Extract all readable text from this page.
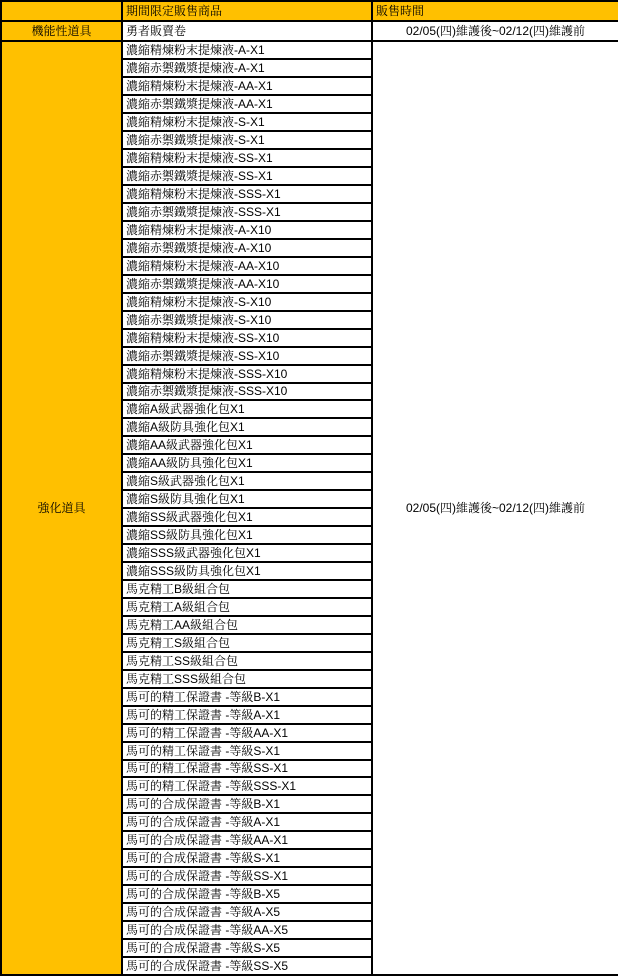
	期間限定販售商品	販售時間
機能性道具	勇者販賣卷	02/05(四)維護後~02/12(四)維護前
強化道具	濃縮精煉粉末提煉液-A-X1	02/05(四)維護後~02/12(四)維護前
	濃縮赤禦鐵漿提煉液-A-X1	
	濃縮精煉粉末提煉液-AA-X1	
	濃縮赤禦鐵漿提煉液-AA-X1	
	濃縮精煉粉末提煉液-S-X1	
	濃縮赤禦鐵漿提煉液-S-X1	
	濃縮精煉粉末提煉液-SS-X1	
	濃縮赤禦鐵漿提煉液-SS-X1	
	濃縮精煉粉末提煉液-SSS-X1	
	濃縮赤禦鐵漿提煉液-SSS-X1	
	濃縮精煉粉末提煉液-A-X10	
	濃縮赤禦鐵漿提煉液-A-X10	
	濃縮精煉粉末提煉液-AA-X10	
	濃縮赤禦鐵漿提煉液-AA-X10	
	濃縮精煉粉末提煉液-S-X10	
	濃縮赤禦鐵漿提煉液-S-X10	
	濃縮精煉粉末提煉液-SS-X10	
	濃縮赤禦鐵漿提煉液-SS-X10	
	濃縮精煉粉末提煉液-SSS-X10	
	濃縮赤禦鐵漿提煉液-SSS-X10	
	濃縮A級武器強化包X1	
	濃縮A級防具強化包X1	
	濃縮AA級武器強化包X1	
	濃縮AA級防具強化包X1	
	濃縮S級武器強化包X1	
	濃縮S級防具強化包X1	
	濃縮SS級武器強化包X1	
	濃縮SS級防具強化包X1	
	濃縮SSS級武器強化包X1	
	濃縮SSS級防具強化包X1	
	馬克精工B級組合包	
	馬克精工A級組合包	
	馬克精工AA級組合包	
	馬克精工S級組合包	
	馬克精工SS級組合包	
	馬克精工SSS級組合包	
	馬可的精工保證書 -等級B-X1	
	馬可的精工保證書 -等級A-X1	
	馬可的精工保證書 -等級AA-X1	
	馬可的精工保證書 -等級S-X1	
	馬可的精工保證書 -等級SS-X1	
	馬可的精工保證書 -等級SSS-X1	
	馬可的合成保證書 -等級B-X1	
	馬可的合成保證書 -等級A-X1	
	馬可的合成保證書 -等級AA-X1	
	馬可的合成保證書 -等級S-X1	
	馬可的合成保證書 -等級SS-X1	
	馬可的合成保證書 -等級B-X5	
	馬可的合成保證書 -等級A-X5	
	馬可的合成保證書 -等級AA-X5	
	馬可的合成保證書 -等級S-X5	
	馬可的合成保證書 -等級SS-X5	
